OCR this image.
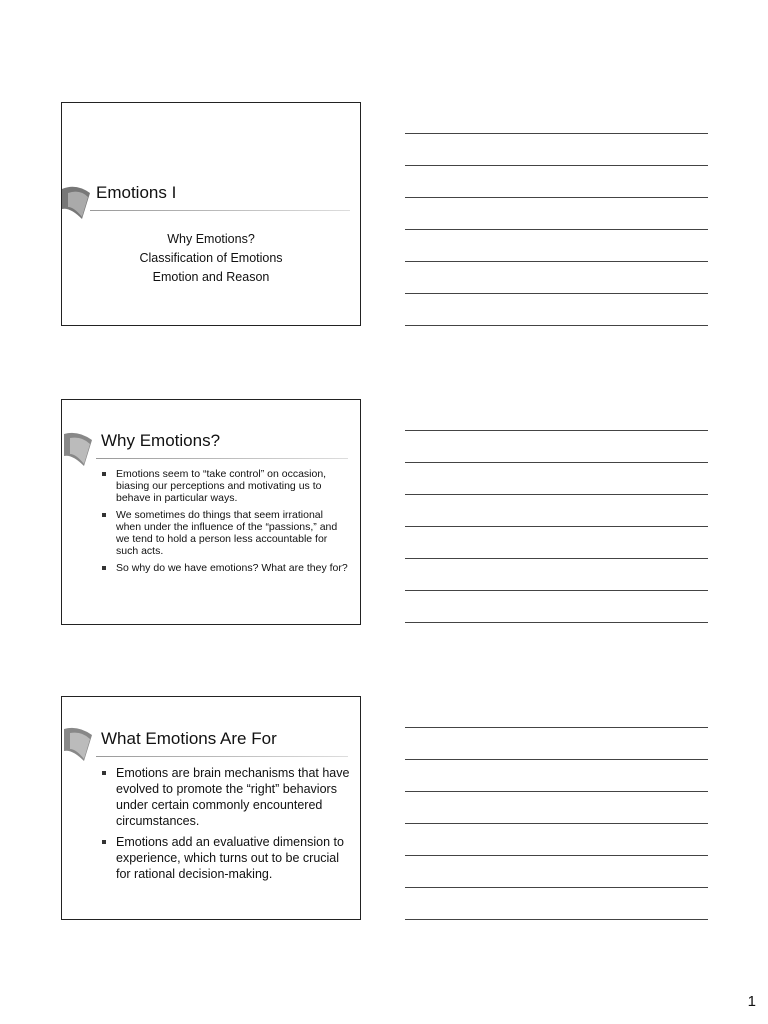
Emotions I
Why Emotions?
Classification of Emotions
Emotion and Reason
Why Emotions?
Emotions seem to “take control” on occasion, biasing our perceptions and motivating us to behave in particular ways.
We sometimes do things that seem irrational when under the influence of the “passions,” and we tend to hold a person less accountable for such acts.
So why do we have emotions? What are they for?
What Emotions Are For
Emotions are brain mechanisms that have evolved to promote the “right” behaviors under certain commonly encountered circumstances.
Emotions add an evaluative dimension to experience, which turns out to be crucial for rational decision-making.
1
